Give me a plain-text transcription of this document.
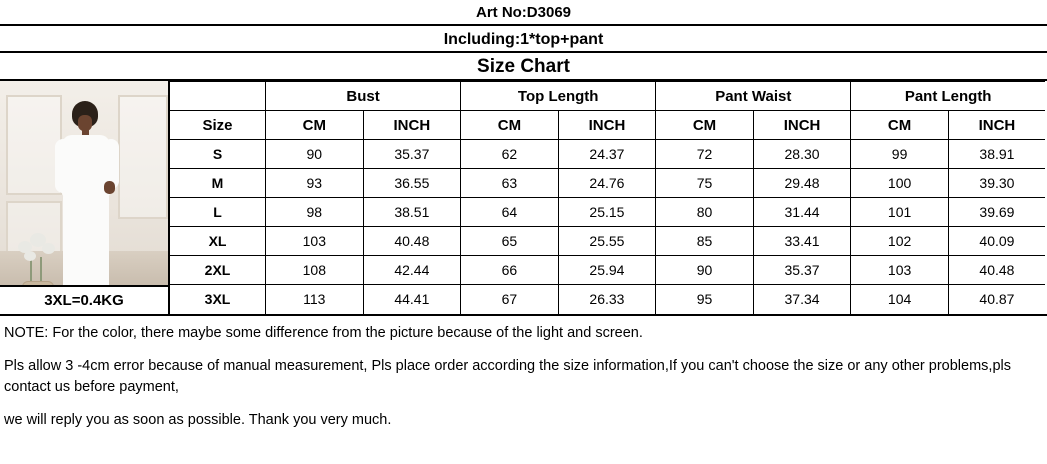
Art No:D3069
Including:1*top+pant
Size Chart
3XL=0.4KG
	Bust		Top Length		Pant Waist		Pant Length	
Size	CM	INCH	CM	INCH	CM	INCH	CM	INCH
S	90	35.37	62	24.37	72	28.30	99	38.91
M	93	36.55	63	24.76	75	29.48	100	39.30
L	98	38.51	64	25.15	80	31.44	101	39.69
XL	103	40.48	65	25.55	85	33.41	102	40.09
2XL	108	42.44	66	25.94	90	35.37	103	40.48
3XL	113	44.41	67	26.33	95	37.34	104	40.87

NOTE: For the color, there maybe some difference from the picture because of the light and screen.

Pls allow 3 -4cm error because of manual measurement, Pls place order according the size information,If you can't choose the size or any other problems,pls contact us before payment,

we will reply you as soon as possible. Thank you very much.
